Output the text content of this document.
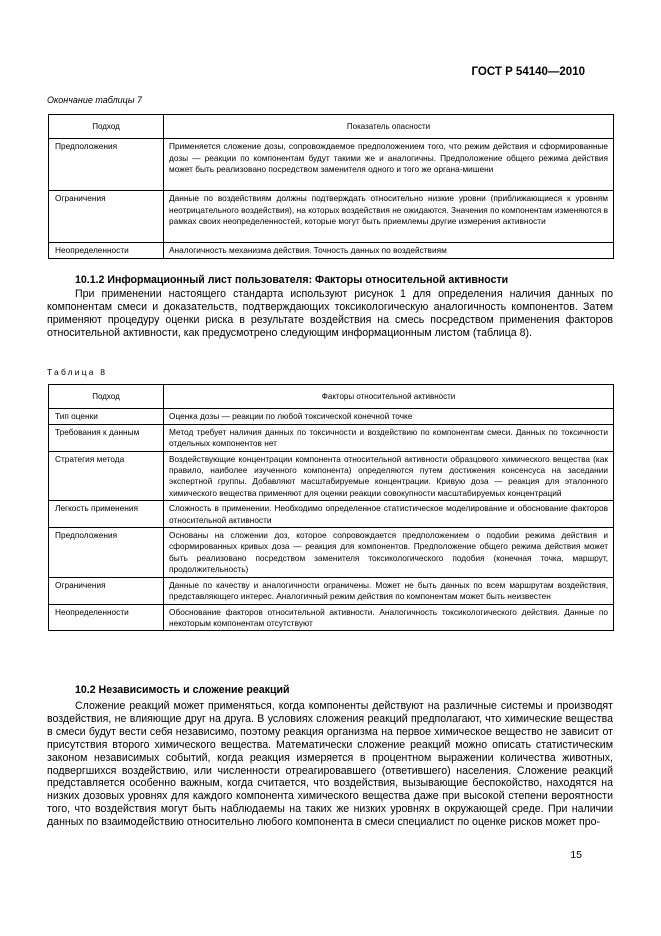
ГОСТ Р 54140—2010
Окончание таблицы 7
Подход	Показатель опасности
Предположения	Применяется сложение дозы, сопровождаемое предположением того, что режим действия и сформированные дозы — реакции по компонентам будут такими же и аналогичны. Предположение общего режима действия может быть реализовано посредством заменителя одного и того же органа-мишени
Ограничения	Данные по воздействиям должны подтверждать относительно низкие уровни (приближающиеся к уровням неотрицательного воздействия), на которых воздействия не ожидаются. Значения по компонентам изменяются в рамках своих неопределенностей, которые могут быть приемлемы другие измерения активности
Неопределенности	Аналогичность механизма действия. Точность данных по воздействиям
10.1.2 Информационный лист пользователя: Факторы относительной активности
При применении настоящего стандарта используют рисунок 1 для определения наличия данных по компонентам смеси и доказательств, подтверждающих токсикологическую аналогичность компонентов. Затем применяют процедуру оценки риска в результате воздействия на смесь посредством применения факторов относительной активности, как предусмотрено следующим информационным листом (таблица 8).
Таблица 8
Подход	Факторы относительной активности
Тип оценки	Оценка дозы — реакции по любой токсической конечной точке
Требования к данным	Метод требует наличия данных по токсичности и воздействию по компонентам смеси. Данных по токсичности отдельных компонентов нет
Стратегия метода	Воздействующие концентрации компонента относительной активности образцового химического вещества (как правило, наиболее изученного компонента) определяются путем достижения консенсуса на заседании экспертной группы. Добавляют масштабируемые концентрации. Кривую доза — реакция для эталонного химического вещества применяют для оценки реакции совокупности масштабируемых концентраций
Легкость применения	Сложность в применении. Необходимо определенное статистическое моделирование и обоснование факторов относительной активности
Предположения	Основаны на сложении доз, которое сопровождается предположением о подобии режима действия и сформированных кривых доза — реакция для компонентов. Предположение общего режима действия может быть реализовано посредством заменителя токсикологического подобия (конечная точка, маршрут, продолжительность)
Ограничения	Данные по качеству и аналогичности ограничены. Может не быть данных по всем маршрутам воздействия, представляющего интерес. Аналогичный режим действия по компонентам может быть неизвестен
Неопределенности	Обоснование факторов относительной активности. Аналогичность токсикологического действия. Данные по некоторым компонентам отсутствуют
10.2 Независимость и сложение реакций
Сложение реакций может применяться, когда компоненты действуют на различные системы и производят воздействия, не влияющие друг на друга. В условиях сложения реакций предполагают, что химические вещества в смеси будут вести себя независимо, поэтому реакция организма на первое химическое вещество не зависит от присутствия второго химического вещества. Математически сложение реакций можно описать статистическим законом независимых событий, когда реакция измеряется в процентном выражении количества животных, подвергшихся воздействию, или численности отреагировавшего (ответившего) населения. Сложение реакций представляется особенно важным, когда считается, что воздействия, вызывающие беспокойство, находятся на низких дозовых уровнях для каждого компонента химического вещества даже при высокой степени вероятности того, что воздействия могут быть наблюдаемы на таких же низких уровнях в окружающей среде. При наличии данных по взаимодействию относительно любого компонента в смеси специалист по оценке рисков может про-
15
